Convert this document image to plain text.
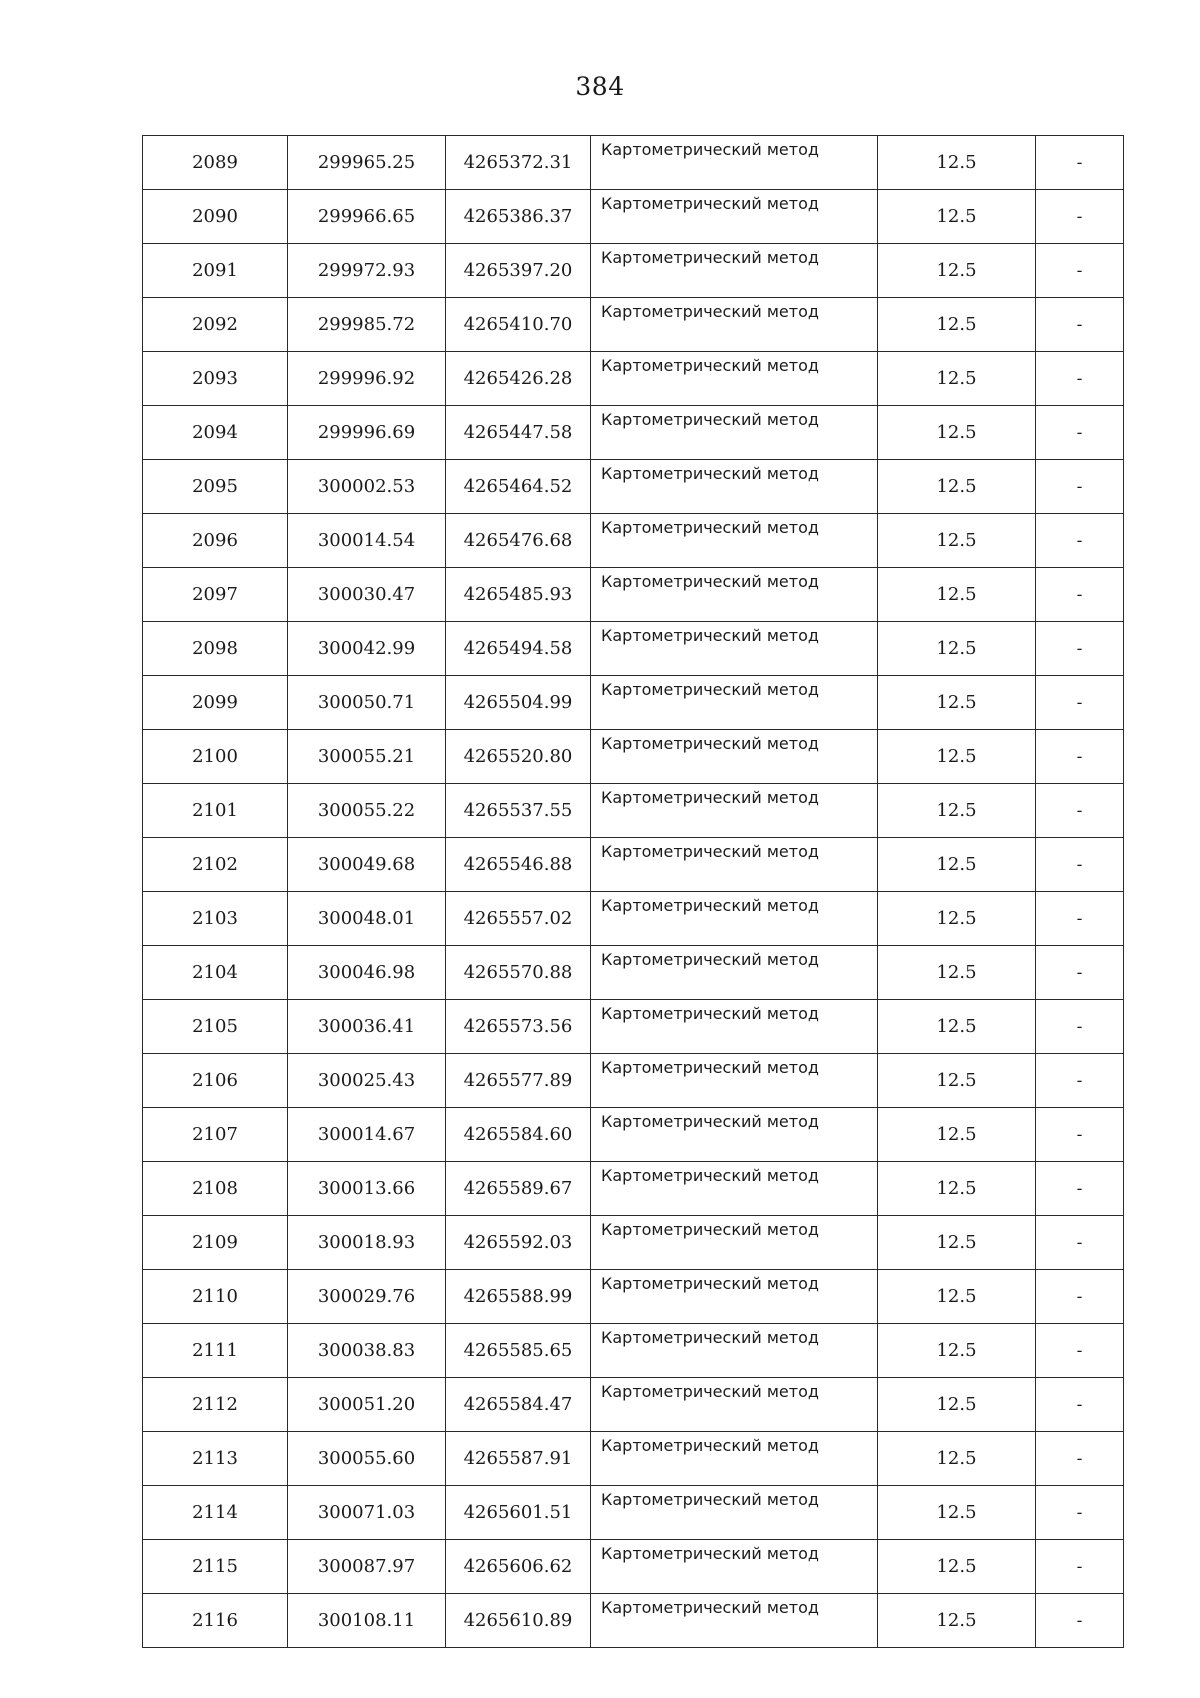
384
2089	299965.25	4265372.31	Картометрический метод	12.5	-
2090	299966.65	4265386.37	Картометрический метод	12.5	-
2091	299972.93	4265397.20	Картометрический метод	12.5	-
2092	299985.72	4265410.70	Картометрический метод	12.5	-
2093	299996.92	4265426.28	Картометрический метод	12.5	-
2094	299996.69	4265447.58	Картометрический метод	12.5	-
2095	300002.53	4265464.52	Картометрический метод	12.5	-
2096	300014.54	4265476.68	Картометрический метод	12.5	-
2097	300030.47	4265485.93	Картометрический метод	12.5	-
2098	300042.99	4265494.58	Картометрический метод	12.5	-
2099	300050.71	4265504.99	Картометрический метод	12.5	-
2100	300055.21	4265520.80	Картометрический метод	12.5	-
2101	300055.22	4265537.55	Картометрический метод	12.5	-
2102	300049.68	4265546.88	Картометрический метод	12.5	-
2103	300048.01	4265557.02	Картометрический метод	12.5	-
2104	300046.98	4265570.88	Картометрический метод	12.5	-
2105	300036.41	4265573.56	Картометрический метод	12.5	-
2106	300025.43	4265577.89	Картометрический метод	12.5	-
2107	300014.67	4265584.60	Картометрический метод	12.5	-
2108	300013.66	4265589.67	Картометрический метод	12.5	-
2109	300018.93	4265592.03	Картометрический метод	12.5	-
2110	300029.76	4265588.99	Картометрический метод	12.5	-
2111	300038.83	4265585.65	Картометрический метод	12.5	-
2112	300051.20	4265584.47	Картометрический метод	12.5	-
2113	300055.60	4265587.91	Картометрический метод	12.5	-
2114	300071.03	4265601.51	Картометрический метод	12.5	-
2115	300087.97	4265606.62	Картометрический метод	12.5	-
2116	300108.11	4265610.89	Картометрический метод	12.5	-
